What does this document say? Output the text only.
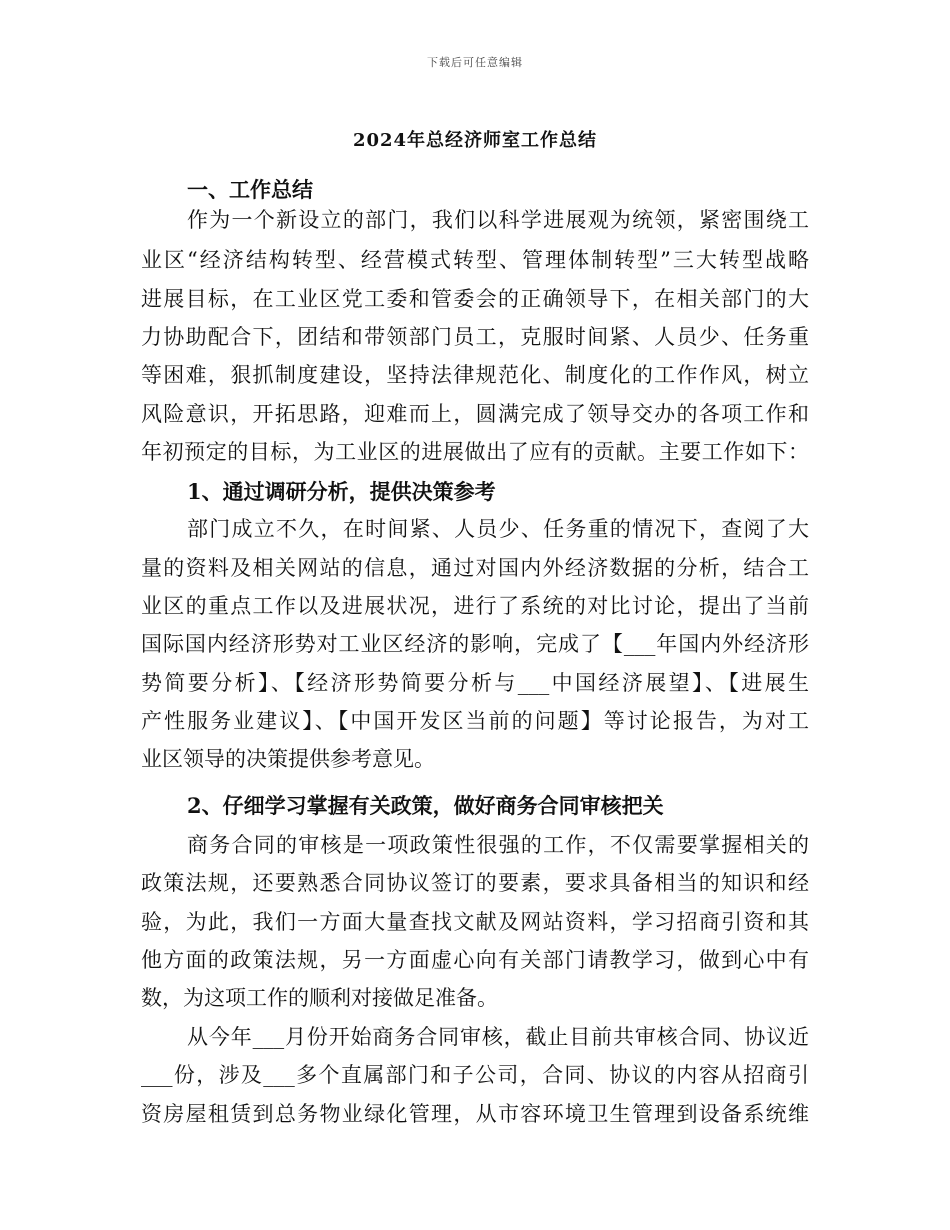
下载后可任意编辑
2024年总经济师室工作总结
一、工作总结
作为一个新设立的部门，我们以科学进展观为统领，紧密围绕工
业区“经济结构转型、经营模式转型、管理体制转型”三大转型战略
进展目标，在工业区党工委和管委会的正确领导下，在相关部门的大
力协助配合下，团结和带领部门员工，克服时间紧、人员少、任务重
等困难，狠抓制度建设，坚持法律规范化、制度化的工作作风，树立
风险意识，开拓思路，迎难而上，圆满完成了领导交办的各项工作和
年初预定的目标，为工业区的进展做出了应有的贡献。主要工作如下：
1、通过调研分析，提供决策参考
部门成立不久，在时间紧、人员少、任务重的情况下，查阅了大
量的资料及相关网站的信息，通过对国内外经济数据的分析，结合工
业区的重点工作以及进展状况，进行了系统的对比讨论，提出了当前
国际国内经济形势对工业区经济的影响，完成了【___年国内外经济形
势简要分析】、【经济形势简要分析与___中国经济展望】、【进展生
产性服务业建议】、【中国开发区当前的问题】等讨论报告，为对工
业区领导的决策提供参考意见。
2、仔细学习掌握有关政策，做好商务合同审核把关
商务合同的审核是一项政策性很强的工作，不仅需要掌握相关的
政策法规，还要熟悉合同协议签订的要素，要求具备相当的知识和经
验，为此，我们一方面大量查找文献及网站资料，学习招商引资和其
他方面的政策法规，另一方面虚心向有关部门请教学习，做到心中有
数，为这项工作的顺利对接做足准备。
从今年___月份开始商务合同审核，截止目前共审核合同、协议近
___份，涉及___多个直属部门和子公司，合同、协议的内容从招商引
资房屋租赁到总务物业绿化管理，从市容环境卫生管理到设备系统维
